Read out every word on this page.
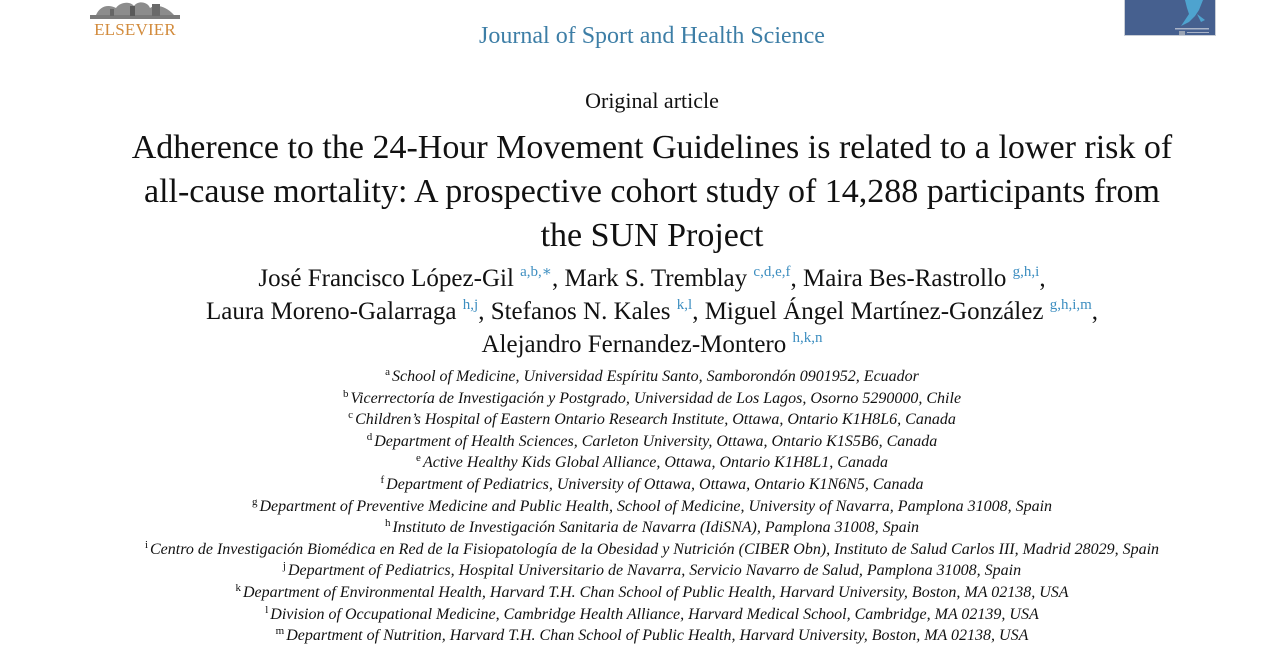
ELSEVIER	Journal of Sport and Health Science
Original article
Adherence to the 24-Hour Movement Guidelines is related to a lower risk of
all-cause mortality: A prospective cohort study of 14,288 participants from
the SUN Project
José Francisco López-Gil $^{a,b,∗}$, Mark S. Tremblay $^{c,d,e,f}$, Maira Bes-Rastrollo $^{g,h,i}$,
Laura Moreno-Galarraga $^{h,j}$, Stefanos N. Kales $^{k,l}$, Miguel Ángel Martínez-González $^{g,h,i,m}$,
Alejandro Fernandez-Montero $^{h,k,n}$
$^a$ School of Medicine, Universidad Espíritu Santo, Samborondón 0901952, Ecuador
$^b$ Vicerrectoría de Investigación y Postgrado, Universidad de Los Lagos, Osorno 5290000, Chile
$^c$ Children’s Hospital of Eastern Ontario Research Institute, Ottawa, Ontario K1H8L6, Canada
$^d$ Department of Health Sciences, Carleton University, Ottawa, Ontario K1S5B6, Canada
$^e$ Active Healthy Kids Global Alliance, Ottawa, Ontario K1H8L1, Canada
$^f$ Department of Pediatrics, University of Ottawa, Ottawa, Ontario K1N6N5, Canada
$^g$ Department of Preventive Medicine and Public Health, School of Medicine, University of Navarra, Pamplona 31008, Spain
$^h$ Instituto de Investigación Sanitaria de Navarra (IdiSNA), Pamplona 31008, Spain
$^i$ Centro de Investigación Biomédica en Red de la Fisiopatología de la Obesidad y Nutrición (CIBER Obn), Instituto de Salud Carlos III, Madrid 28029, Spain
$^j$ Department of Pediatrics, Hospital Universitario de Navarra, Servicio Navarro de Salud, Pamplona 31008, Spain
$^k$ Department of Environmental Health, Harvard T.H. Chan School of Public Health, Harvard University, Boston, MA 02138, USA
$^l$ Division of Occupational Medicine, Cambridge Health Alliance, Harvard Medical School, Cambridge, MA 02139, USA
$^m$ Department of Nutrition, Harvard T.H. Chan School of Public Health, Harvard University, Boston, MA 02138, USA
